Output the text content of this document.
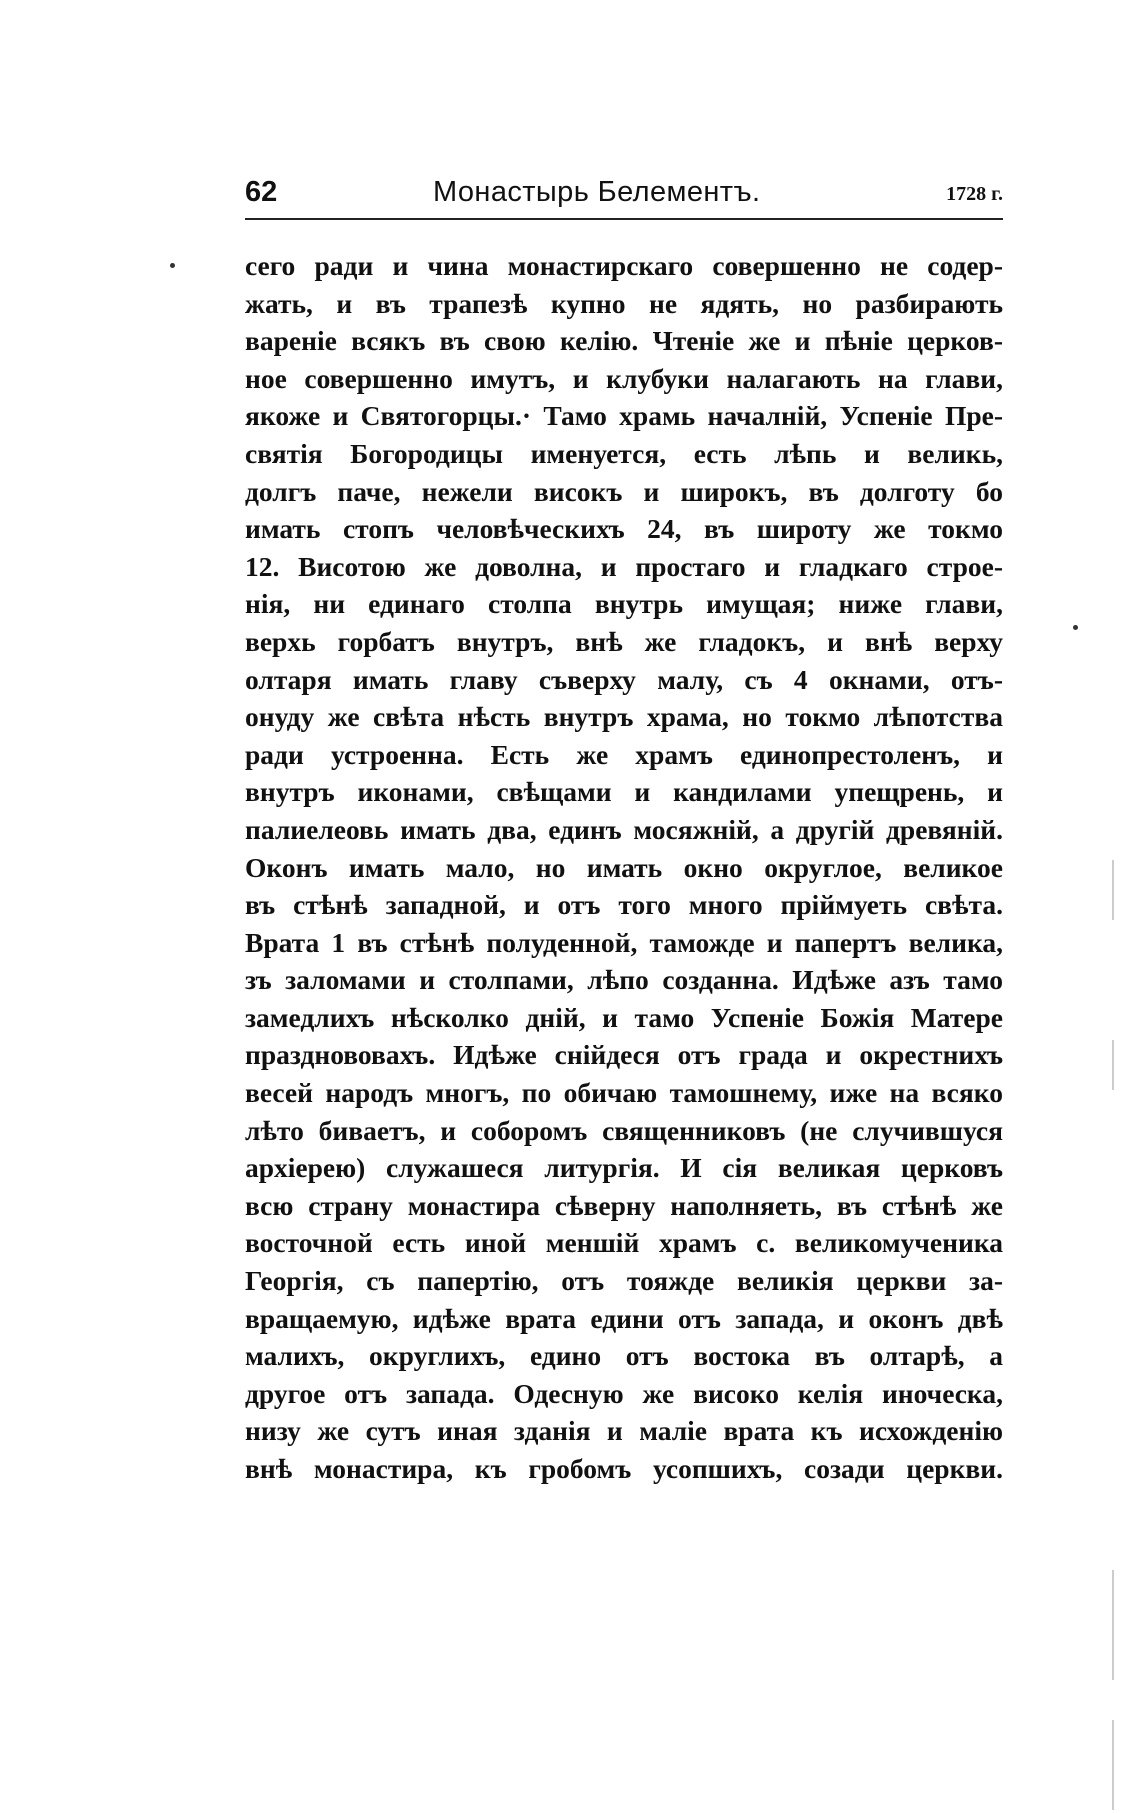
62	Монастырь Белементъ.	1728 г.
сего ради и чина монастирскаго совершенно не содер-
жать, и въ трапезѣ купно не ядять, но разбирають
вареніе всякъ въ свою келію. Чтеніе же и пѣніе церков-
ное совершенно имутъ, и клубуки налагають на глави,
якоже и Святогорцы.· Тамо храмь началній, Успеніе Пре-
святія Богородицы именуется, есть лѣпь и великь,
долгъ паче, нежели високъ и широкъ, въ долготу бо
имать стопъ человѣческихъ 24, въ широту же токмо
12. Висотою же доволна, и простаго и гладкаго строе-
нія, ни единаго столпа внутрь имущая; ниже глави,
верхь горбатъ внутръ, внѣ же гладокъ, и внѣ верху
олтаря имать главу съверху малу, съ 4 окнами, отъ-
онуду же свѣта нѣсть внутръ храма, но токмо лѣпотства
ради устроенна. Есть же храмъ единопрестоленъ, и
внутръ иконами, свѣщами и кандилами упещрень, и
палиелеовь имать два, единъ мосяжній, а другій древяній.
Оконъ имать мало, но имать окно округлое, великое
въ стѣнѣ западной, и отъ того много пріймуеть свѣта.
Врата 1 въ стѣнѣ полуденной, таможде и папертъ велика,
зъ заломами и столпами, лѣпо созданна. Идѣже азъ тамо
замедлихъ нѣсколко дній, и тамо Успеніе Божія Матере
празднововахъ. Идѣже снійдеся отъ града и окрестнихъ
весей народъ многъ, по обичаю тамошнему, иже на всяко
лѣто биваетъ, и соборомъ священниковъ (не случившуся
архіерею) служашеся литургія. И сія великая церковъ
всю страну монастира сѣверну наполняеть, въ стѣнѣ же
восточной есть иной меншій храмъ с. великомученика
Георгія, съ папертію, отъ тояжде великія церкви за-
вращаемую, идѣже врата едини отъ запада, и оконъ двѣ
малихъ, округлихъ, едино отъ востока въ олтарѣ, а
другое отъ запада. Одесную же високо келія иноческа,
низу же сутъ иная зданія и маліе врата къ исхожденію
внѣ монастира, къ гробомъ усопшихъ, созади церкви.
